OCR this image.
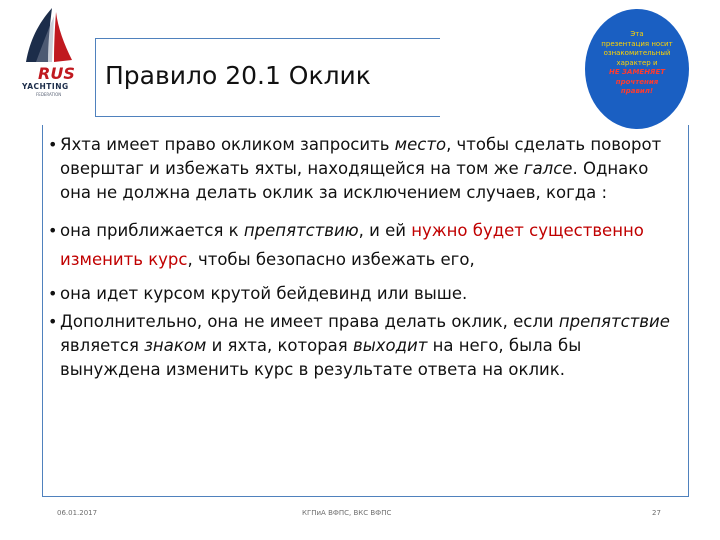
RUS
YACHTING
FEDERATION
Правило 20.1 Оклик
• Яхта имеет право окликом запросить место, чтобы сделать поворот оверштаг и избежать яхты, находящейся на том же галсе. Однако она не должна делать оклик за исключением случаев, когда :
• она приближается к препятствию, и ей нужно будет существенно изменить курс, чтобы безопасно избежать его,
• она идет курсом крутой бейдевинд или выше.
• Дополнительно, она не имеет права делать оклик, если препятствие является знаком и яхта, которая выходит на него, была бы вынуждена изменить курс в результате ответа на оклик.
Эта
презентация носит ознакомительный характер и
НЕ ЗАМЕНЯЕТ
прочтения
правил!
06.01.2017	КГПиА ВФПС, ВКС ВФПС	27
